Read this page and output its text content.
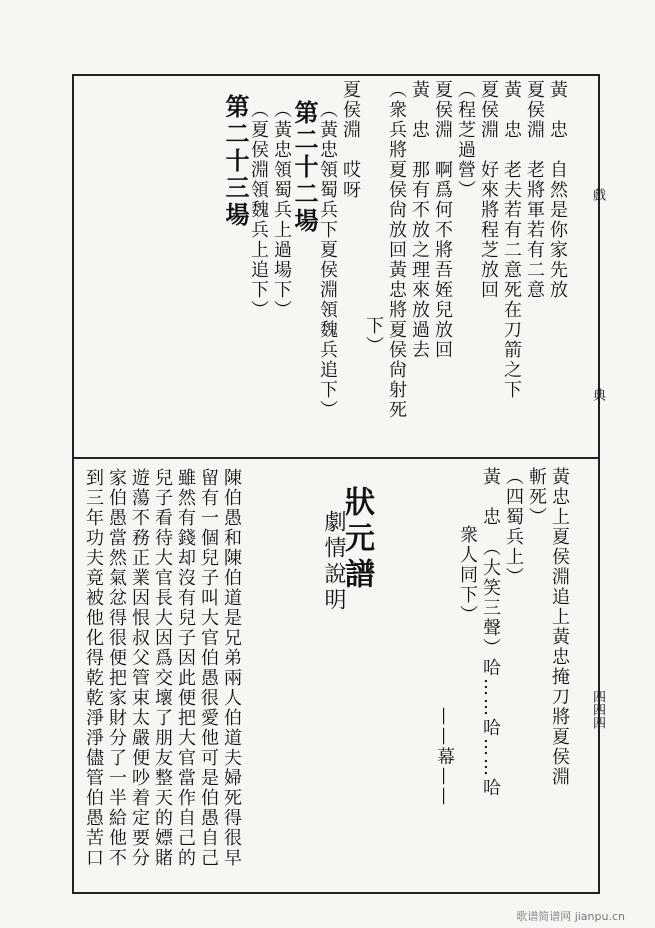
戲
典
四四四
黃　忠　自然是你家先放
夏侯淵　老將軍若有二意
黃　忠　老夫若有二意死在刀箭之下
夏侯淵　好來將程芝放回
（程芝過營）
夏侯淵　啊爲何不將吾姪兒放回
黃　忠　那有不放之理來放過去
（衆兵將夏侯尙放回黃忠將夏侯尙射死
下）
夏侯淵　哎呀
（黃忠領蜀兵下夏侯淵領魏兵追下）
第二十二場
（黃忠領蜀兵上過場下）
（夏侯淵領魏兵上追下）
第二十三場
黃忠上夏侯淵追上黃忠掩刀將夏侯淵
斬死）
（四蜀兵上）
黃　忠　（大笑三聲）哈……哈……哈
衆人同下）
——幕——
狀元譜
劇情說明
陳伯愚和陳伯道是兄弟兩人伯道夫婦死得很早
留有一個兒子叫大官伯愚很愛他可是伯愚自己
雖然有錢却沒有兒子因此便把大官當作自己的
兒子看待大官長大因爲交壞了朋友整天的嫖賭
遊蕩不務正業因恨叔父管束太嚴便吵着定要分
家伯愚當然氣忿得很便把家財分了一半給他不
到三年功夫竟被他化得乾乾淨淨儘管伯愚苦口
歌谱简谱网 jianpu.cn
